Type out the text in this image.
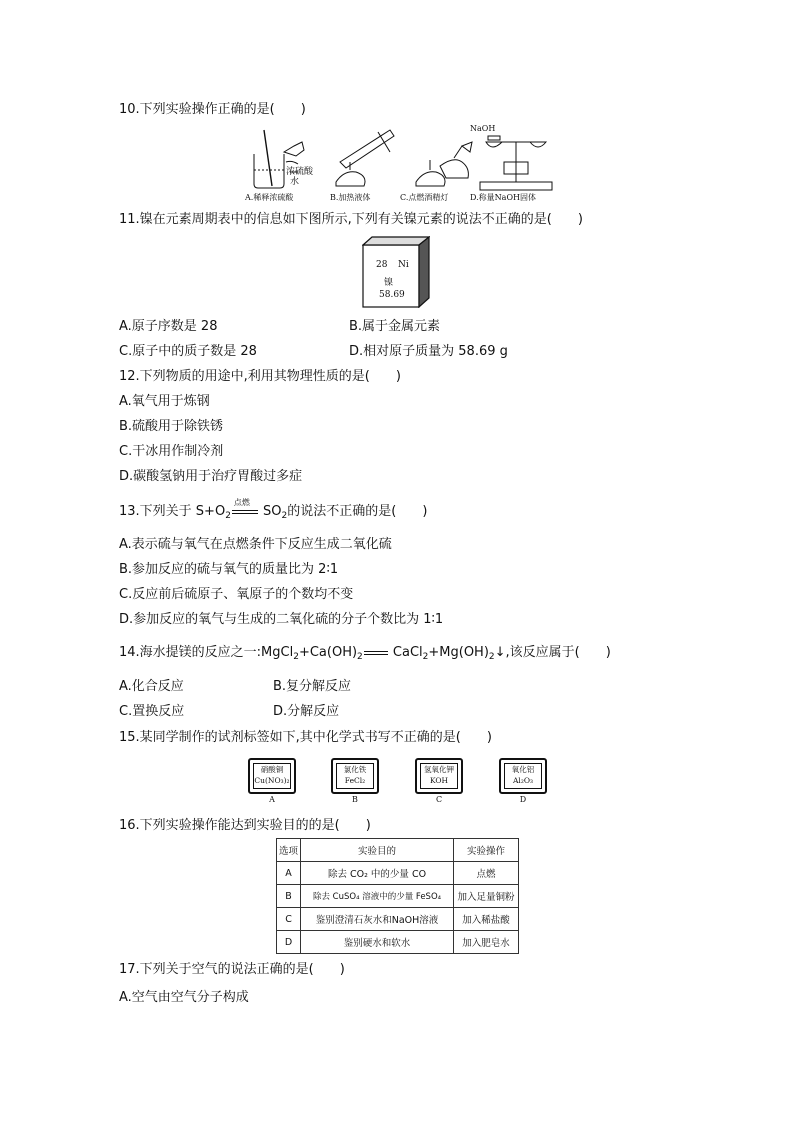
10.下列实验操作正确的是(　　)
浓硫酸
水
NaOH
A.稀释浓硫酸	B.加热液体	C.点燃酒精灯	D.称量NaOH固体
11.镍在元素周期表中的信息如下图所示,下列有关镍元素的说法不正确的是(　　)
28 Ni
镍
58.69
A.原子序数是 28	B.属于金属元素
C.原子中的质子数是 28	D.相对原子质量为 58.69 g
12.下列物质的用途中,利用其物理性质的是(　　)
A.氧气用于炼钢
B.硫酸用于除铁锈
C.干冰用作制冷剂
D.碳酸氢钠用于治疗胃酸过多症
13.下列关于 $S+O_2$
点燃
$SO_2$的说法不正确的是(　　)
A.表示硫与氧气在点燃条件下反应生成二氧化硫
B.参加反应的硫与氧气的质量比为 2∶1
C.反应前后硫原子、氧原子的个数均不变
D.参加反应的氧气与生成的二氧化硫的分子个数比为 1∶1
14.海水提镁的反应之一$:MgCl_2+Ca(OH)_2$
$CaCl_2+Mg(OH)_2↓$,该反应属于(　　)
A.化合反应	B.复分解反应
C.置换反应	D.分解反应
15.某同学制作的试剂标签如下,其中化学式书写不正确的是(　　)
硝酸铜
Cu(NO₃)₂
氯化铁
FeCl₂
氢氧化钾
KOH
氧化铝
Al₂O₃
A	B	C	D
16.下列实验操作能达到实验目的的是(　　)
选项	实验目的	实验操作
A	除去 CO₂ 中的少量 CO	点燃
B	除去 CuSO₄ 溶液中的少量 FeSO₄	加入足量铜粉
C	鉴别澄清石灰水和NaOH溶液	加入稀盐酸
D	鉴别硬水和软水	加入肥皂水
17.下列关于空气的说法正确的是(　　)
A.空气由空气分子构成
